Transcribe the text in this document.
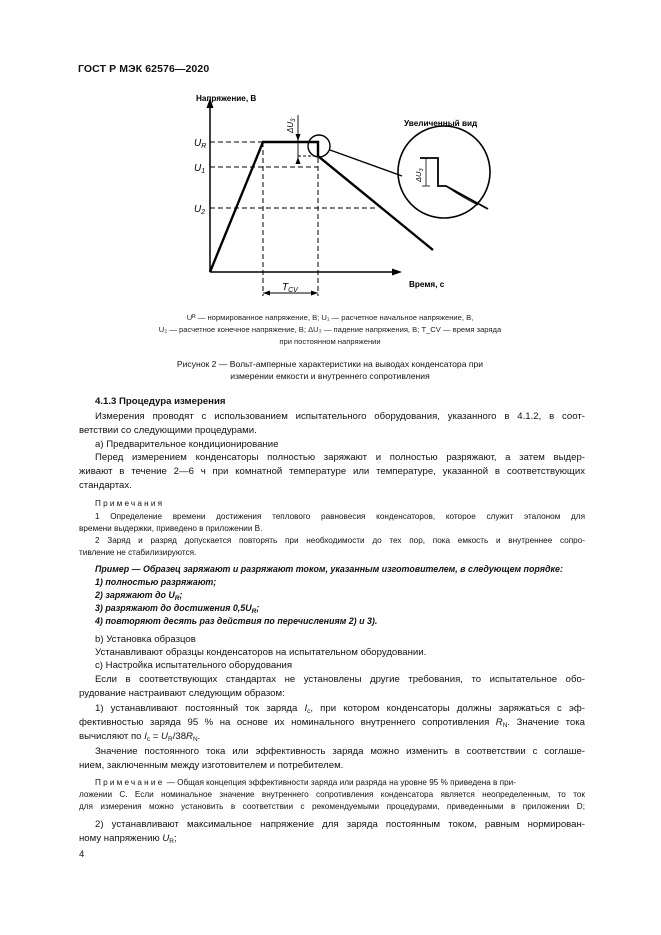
ГОСТ Р МЭК 62576—2020
Напряжение, В
Время, с
$\Delta U_3$
$T_{CV}$
$U_R$
$U_1$
$U_2$
Увеличенный вид
$\Delta U_3$
Uᴿ — нормированное напряжение, В; U₁ — расчетное начальное напряжение, В,
U₂ — расчетное конечное напряжение, В; ΔU₃ — падение напряжения, В; T_CV — время заряда
при постоянном напряжении
Рисунок 2 — Вольт-амперные характеристики на выводах конденсатора при
измерении емкости и внутреннего сопротивления
4.1.3 Процедура измерения
Измерения проводят с использованием испытательного оборудования, указанного в 4.1.2, в соот-
ветствии со следующими процедурами.
а) Предварительное кондиционирование
Перед измерением конденсаторы полностью заряжают и полностью разряжают, а затем выдер-
живают в течение 2—6 ч при комнатной температуре или температуре, указанной в соответствующих
стандартах.
Примечания
1 Определение времени достижения теплового равновесия конденсаторов, которое служит эталоном для
времени выдержки, приведено в приложении В.
2 Заряд и разряд допускается повторять при необходимости до тех пор, пока емкость и внутреннее сопро-
тивление не стабилизируются.
Пример — Образец заряжают и разряжают током, указанным изготовителем, в следующем порядке:
1) полностью разряжают;
2) заряжают до $U_R$;
3) разряжают до достижения $0,5U_R$;
4) повторяют десять раз действия по перечислениям 2) и 3).
b) Установка образцов
Устанавливают образцы конденсаторов на испытательном оборудовании.
с) Настройка испытательного оборудования
Если в соответствующих стандартах не установлены другие требования, то испытательное обо-
рудование настраивают следующим образом:
1) устанавливают постоянный ток заряда $I_c$, при котором конденсаторы должны заряжаться с эф-
фективностью заряда 95 % на основе их номинального внутреннего сопротивления $R_N$. Значение тока
вычисляют по $I_c = U_R/38R_N$.
Значение постоянного тока или эффективность заряда можно изменить в соответствии с соглаше-
нием, заключенным между изготовителем и потребителем.
Примечание — Общая концепция эффективности заряда или разряда на уровне 95 % приведена в при-
ложении С. Если номинальное значение внутреннего сопротивления конденсатора является неопределенным, то ток
для измерения можно установить в соответствии с рекомендуемыми процедурами, приведенными в приложении D;
2) устанавливают максимальное напряжение для заряда постоянным током, равным нормирован-
ному напряжению $U_R$;
4
